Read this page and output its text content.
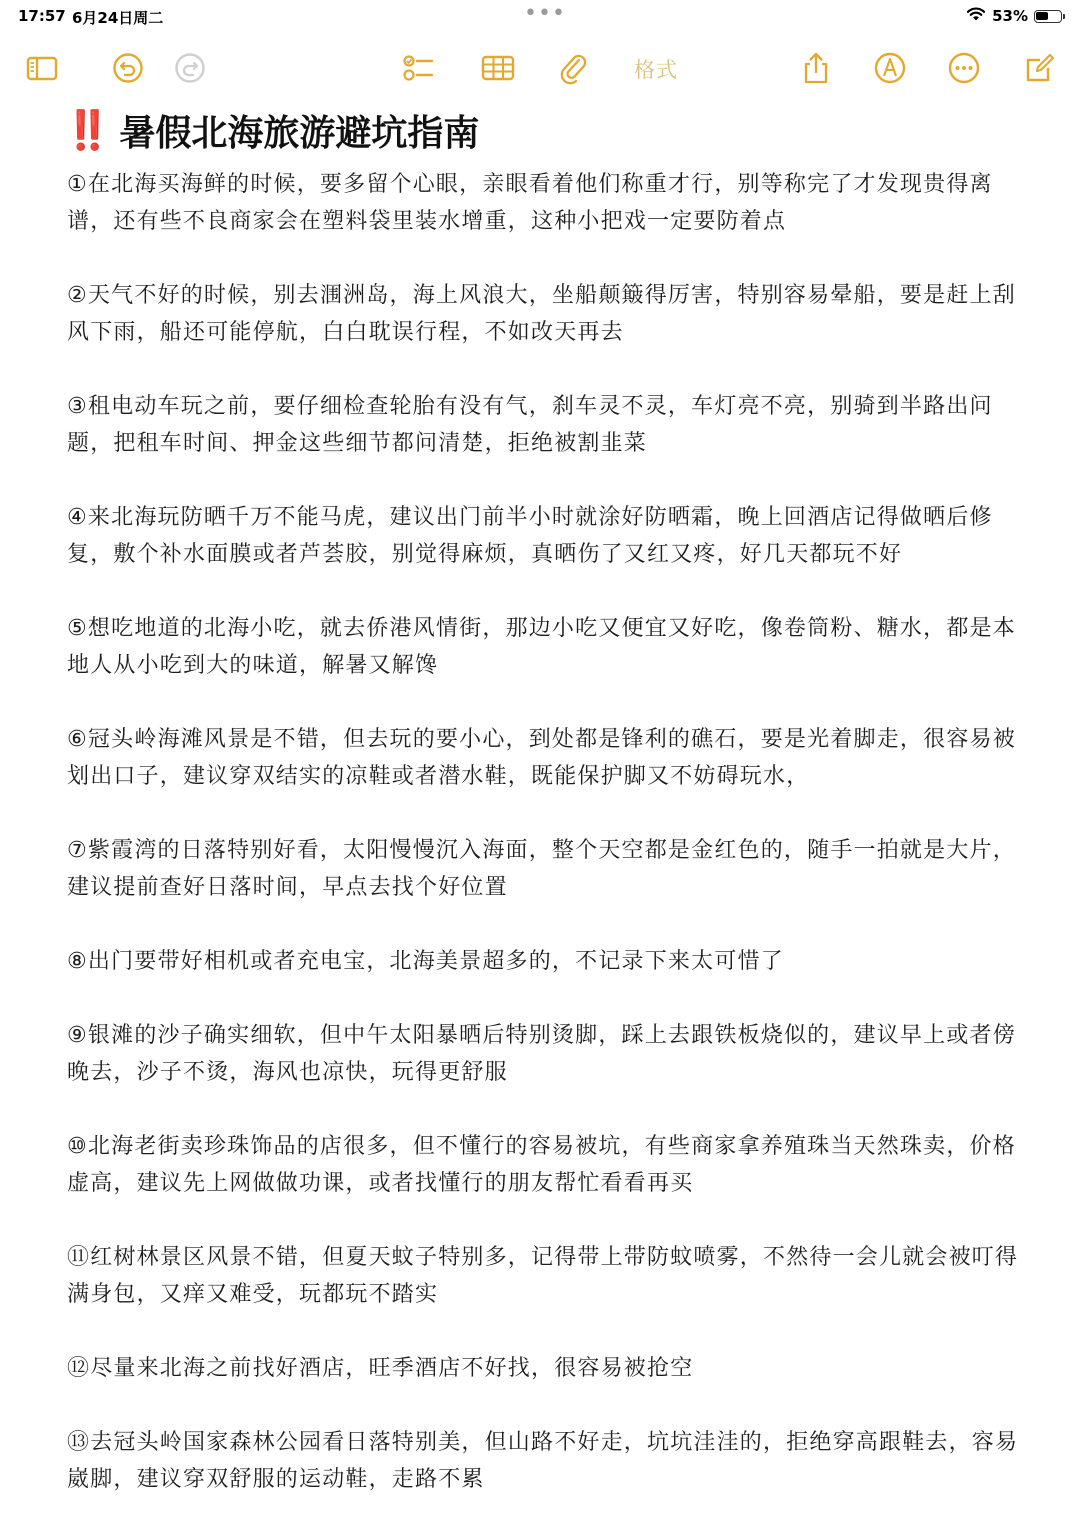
17:57 6月24日周二	•••	53%
格式
‼️ 暑假北海旅游避坑指南

①在北海买海鲜的时候，要多留个心眼，亲眼看着他们称重才行，别等称完了才发现贵得离谱，还有些不良商家会在塑料袋里装水增重，这种小把戏一定要防着点

②天气不好的时候，别去涠洲岛，海上风浪大，坐船颠簸得厉害，特别容易晕船，要是赶上刮风下雨，船还可能停航，白白耽误行程，不如改天再去

③租电动车玩之前，要仔细检查轮胎有没有气，刹车灵不灵，车灯亮不亮，别骑到半路出问题，把租车时间、押金这些细节都问清楚，拒绝被割韭菜

④来北海玩防晒千万不能马虎，建议出门前半小时就涂好防晒霜，晚上回酒店记得做晒后修复，敷个补水面膜或者芦荟胶，别觉得麻烦，真晒伤了又红又疼，好几天都玩不好

⑤想吃地道的北海小吃，就去侨港风情街，那边小吃又便宜又好吃，像卷筒粉、糖水，都是本地人从小吃到大的味道，解暑又解馋

⑥冠头岭海滩风景是不错，但去玩的要小心，到处都是锋利的礁石，要是光着脚走，很容易被划出口子，建议穿双结实的凉鞋或者潜水鞋，既能保护脚又不妨碍玩水，

⑦紫霞湾的日落特别好看，太阳慢慢沉入海面，整个天空都是金红色的，随手一拍就是大片，建议提前查好日落时间，早点去找个好位置

⑧出门要带好相机或者充电宝，北海美景超多的，不记录下来太可惜了

⑨银滩的沙子确实细软，但中午太阳暴晒后特别烫脚，踩上去跟铁板烧似的，建议早上或者傍晚去，沙子不烫，海风也凉快，玩得更舒服

⑩北海老街卖珍珠饰品的店很多，但不懂行的容易被坑，有些商家拿养殖珠当天然珠卖，价格虚高，建议先上网做做功课，或者找懂行的朋友帮忙看看再买

⑪红树林景区风景不错，但夏天蚊子特别多，记得带上带防蚊喷雾，不然待一会儿就会被叮得满身包，又痒又难受，玩都玩不踏实

⑫尽量来北海之前找好酒店，旺季酒店不好找，很容易被抢空

⑬去冠头岭国家森林公园看日落特别美，但山路不好走，坑坑洼洼的，拒绝穿高跟鞋去，容易崴脚，建议穿双舒服的运动鞋，走路不累
